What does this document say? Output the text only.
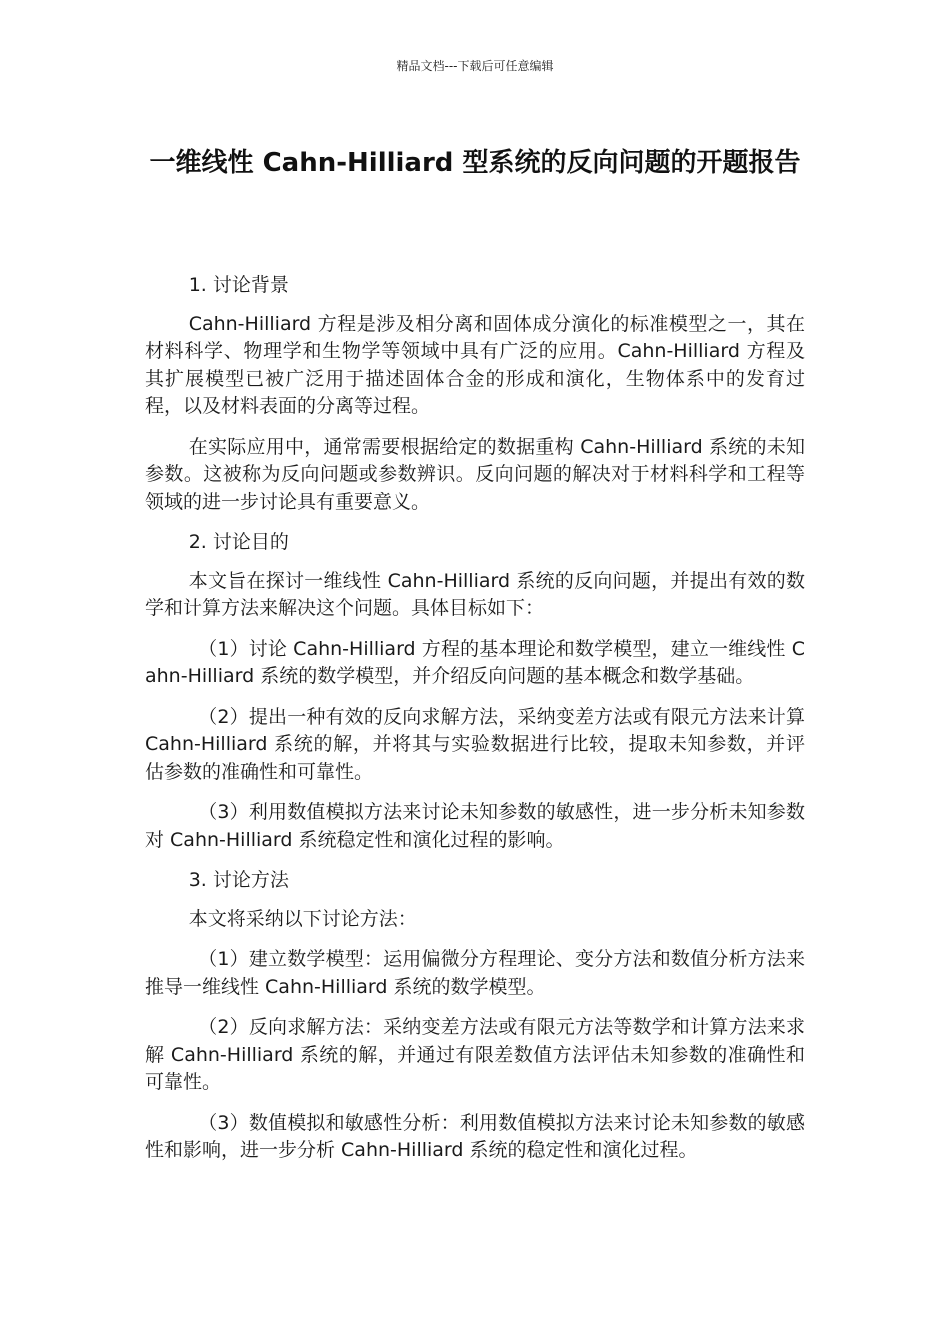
精品文档---下载后可任意编辑
一维线性 Cahn-Hilliard 型系统的反向问题的开题报告

1. 讨论背景

Cahn-Hilliard 方程是涉及相分离和固体成分演化的标准模型之一，其在材料科学、物理学和生物学等领域中具有广泛的应用。Cahn-Hilliard 方程及其扩展模型已被广泛用于描述固体合金的形成和演化，生物体系中的发育过程，以及材料表面的分离等过程。

在实际应用中，通常需要根据给定的数据重构 Cahn-Hilliard 系统的未知参数。这被称为反向问题或参数辨识。反向问题的解决对于材料科学和工程等领域的进一步讨论具有重要意义。

2. 讨论目的

本文旨在探讨一维线性 Cahn-Hilliard 系统的反向问题，并提出有效的数学和计算方法来解决这个问题。具体目标如下：

（1）讨论 Cahn-Hilliard 方程的基本理论和数学模型，建立一维线性 Cahn-Hilliard 系统的数学模型，并介绍反向问题的基本概念和数学基础。

（2）提出一种有效的反向求解方法，采纳变差方法或有限元方法来计算 Cahn-Hilliard 系统的解，并将其与实验数据进行比较，提取未知参数，并评估参数的准确性和可靠性。

（3）利用数值模拟方法来讨论未知参数的敏感性，进一步分析未知参数对 Cahn-Hilliard 系统稳定性和演化过程的影响。

3. 讨论方法

本文将采纳以下讨论方法：

（1）建立数学模型：运用偏微分方程理论、变分方法和数值分析方法来推导一维线性 Cahn-Hilliard 系统的数学模型。

（2）反向求解方法：采纳变差方法或有限元方法等数学和计算方法来求解 Cahn-Hilliard 系统的解，并通过有限差数值方法评估未知参数的准确性和可靠性。

（3）数值模拟和敏感性分析：利用数值模拟方法来讨论未知参数的敏感性和影响，进一步分析 Cahn-Hilliard 系统的稳定性和演化过程。
